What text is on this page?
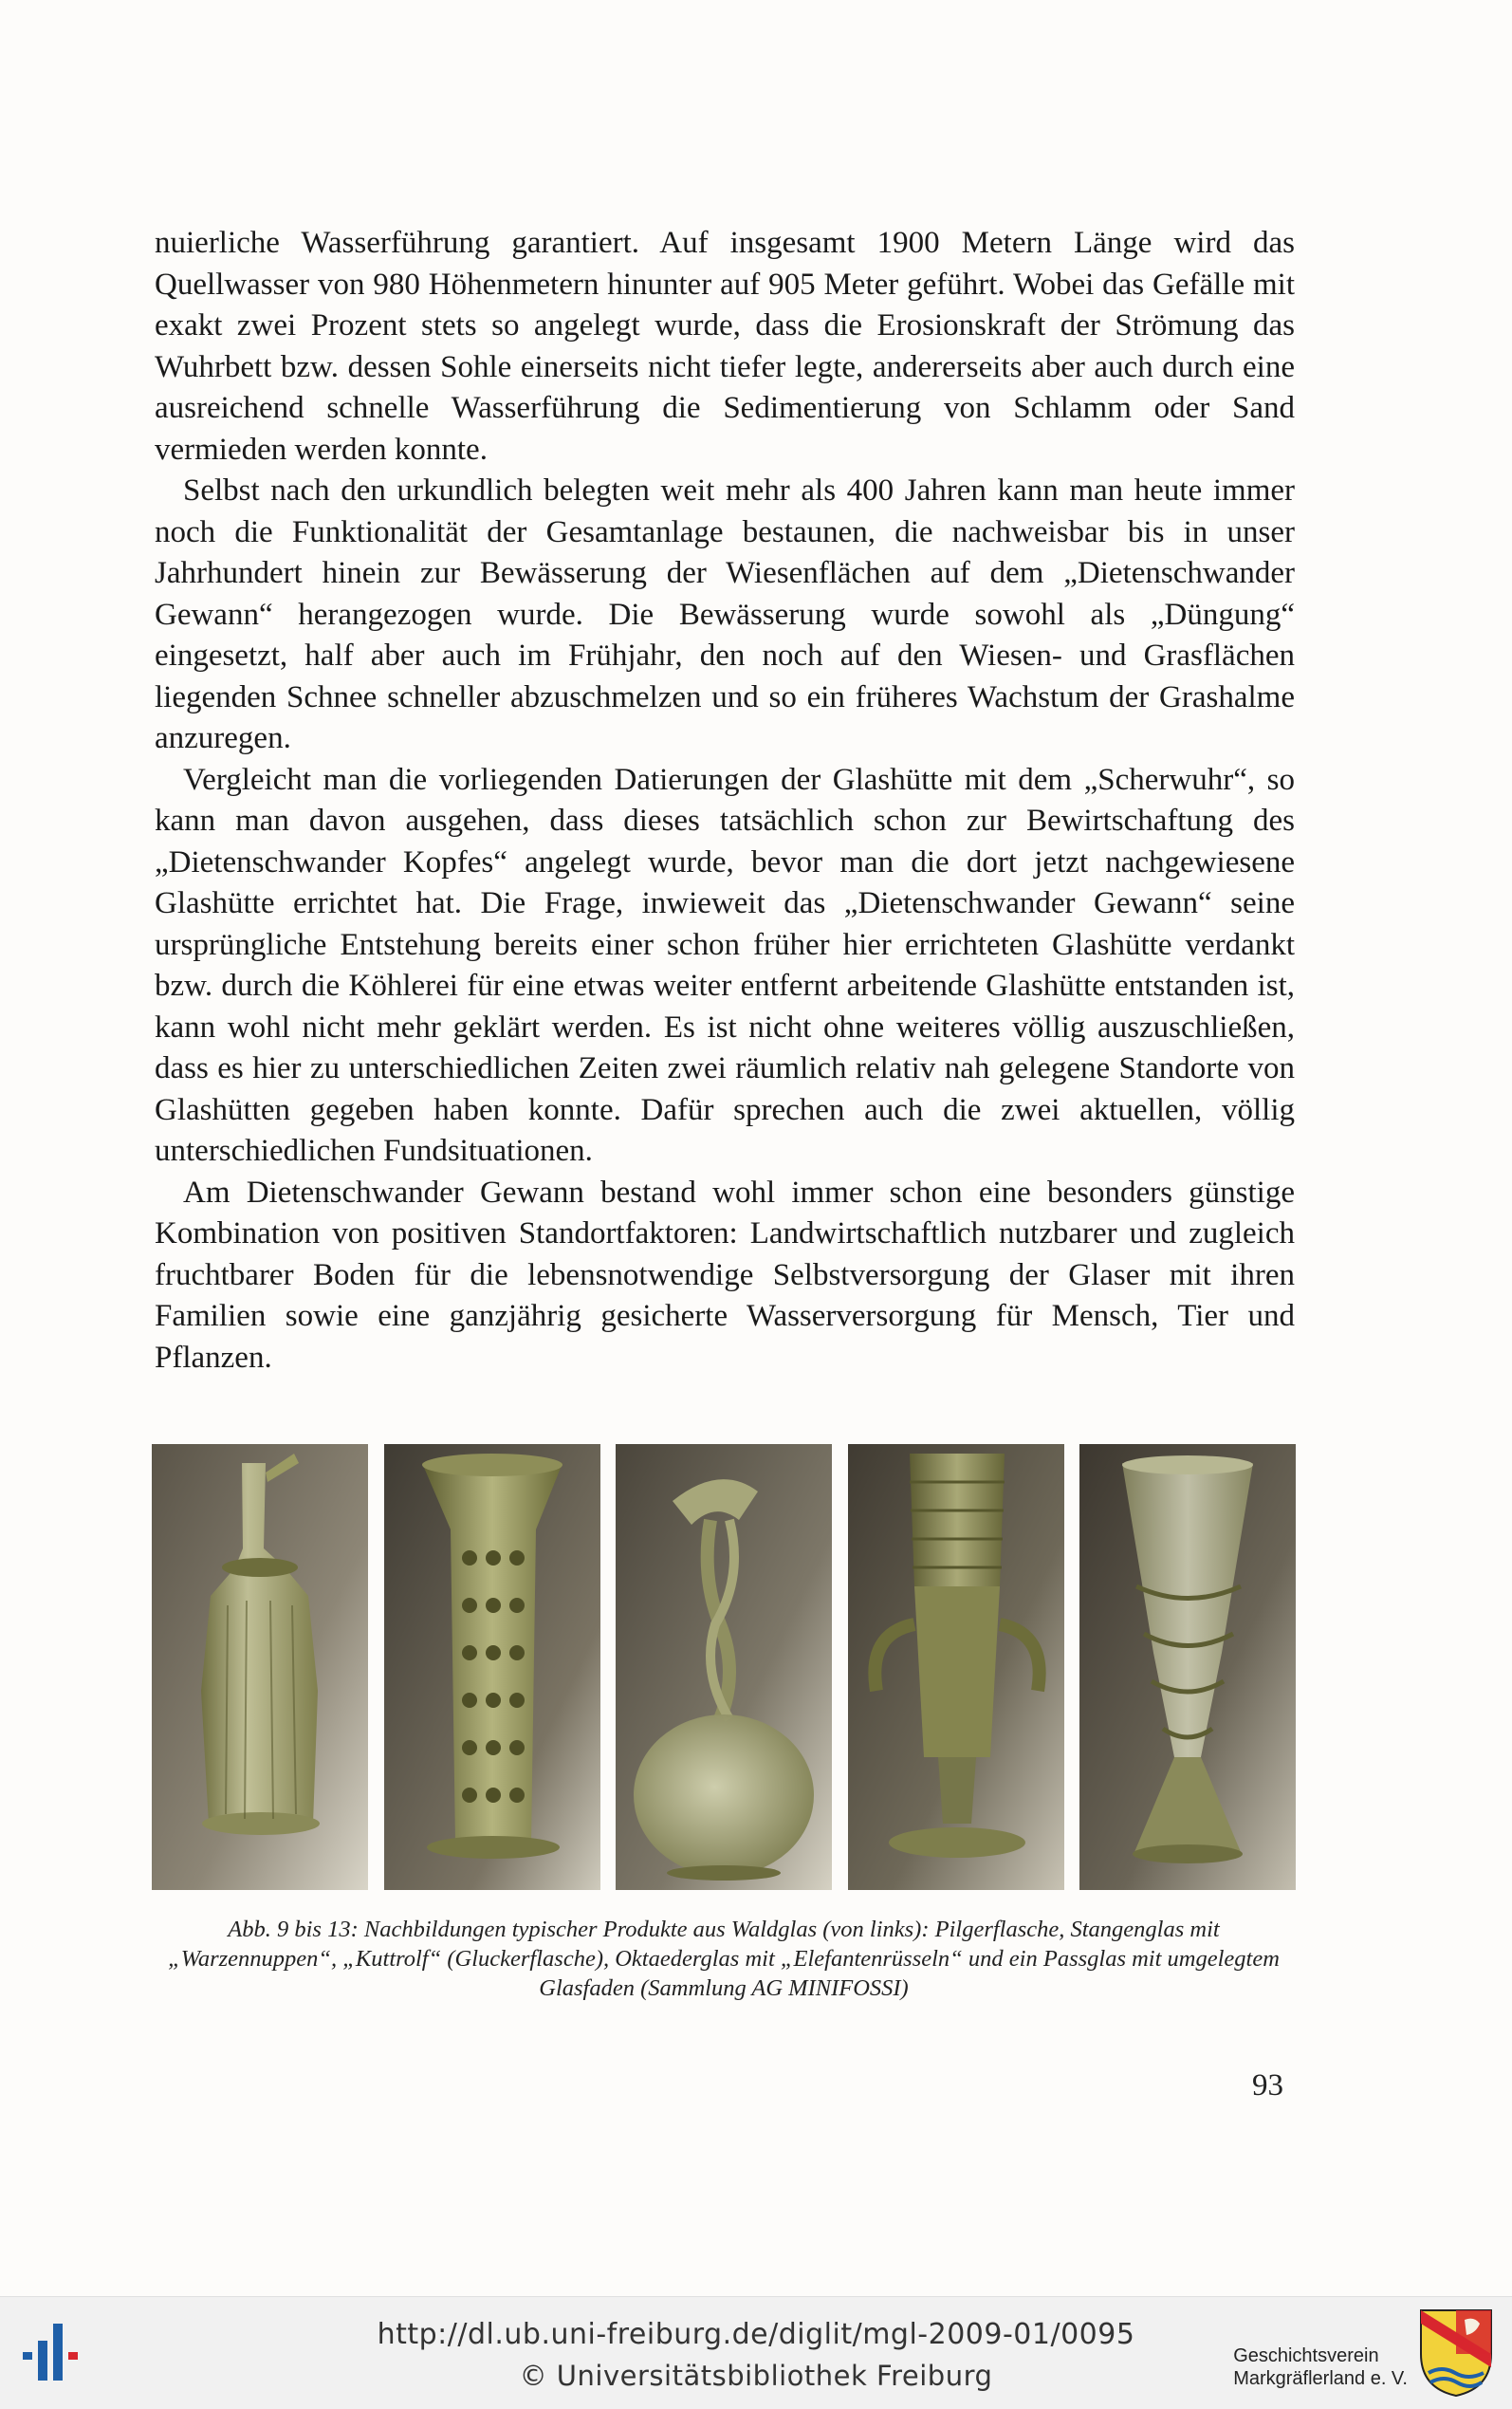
nuierliche Wasserführung garantiert. Auf insgesamt 1900 Metern Länge wird das Quellwasser von 980 Höhenmetern hinunter auf 905 Meter geführt. Wobei das Gefälle mit exakt zwei Prozent stets so angelegt wurde, dass die Erosionskraft der Strömung das Wuhrbett bzw. dessen Sohle einerseits nicht tiefer legte, andererseits aber auch durch eine ausreichend schnelle Wasserführung die Sedimentierung von Schlamm oder Sand vermieden werden konnte.

Selbst nach den urkundlich belegten weit mehr als 400 Jahren kann man heute immer noch die Funktionalität der Gesamtanlage bestaunen, die nachweisbar bis in unser Jahrhundert hinein zur Bewässerung der Wiesenflächen auf dem „Dietenschwander Gewann“ herangezogen wurde. Die Bewässerung wurde sowohl als „Düngung“ eingesetzt, half aber auch im Frühjahr, den noch auf den Wiesen- und Grasflächen liegenden Schnee schneller abzuschmelzen und so ein früheres Wachstum der Grashalme anzuregen.

Vergleicht man die vorliegenden Datierungen der Glashütte mit dem „Scherwuhr“, so kann man davon ausgehen, dass dieses tatsächlich schon zur Bewirtschaftung des „Dietenschwander Kopfes“ angelegt wurde, bevor man die dort jetzt nachgewiesene Glashütte errichtet hat. Die Frage, inwieweit das „Dietenschwander Gewann“ seine ursprüngliche Entstehung bereits einer schon früher hier errichteten Glashütte verdankt bzw. durch die Köhlerei für eine etwas weiter entfernt arbeitende Glashütte entstanden ist, kann wohl nicht mehr geklärt werden. Es ist nicht ohne weiteres völlig auszuschließen, dass es hier zu unterschiedlichen Zeiten zwei räumlich relativ nah gelegene Standorte von Glashütten gegeben haben konnte. Dafür sprechen auch die zwei aktuellen, völlig unterschiedlichen Fundsituationen.

Am Dietenschwander Gewann bestand wohl immer schon eine besonders günstige Kombination von positiven Standortfaktoren: Landwirtschaftlich nutzbarer und zugleich fruchtbarer Boden für die lebensnotwendige Selbstversorgung der Glaser mit ihren Familien sowie eine ganzjährig gesicherte Wasserversorgung für Mensch, Tier und Pflanzen.

Abb. 9 bis 13: Nachbildungen typischer Produkte aus Waldglas (von links): Pilgerflasche, Stangenglas mit „Warzennuppen“, „Kuttrolf“ (Gluckerflasche), Oktaederglas mit „Elefantenrüsseln“ und ein Passglas mit umgelegtem Glasfaden (Sammlung AG MINIFOSSI)
93
http://dl.ub.uni-freiburg.de/diglit/mgl-2009-01/0095
© Universitätsbibliothek Freiburg
Geschichtsverein
Markgräflerland e. V.
